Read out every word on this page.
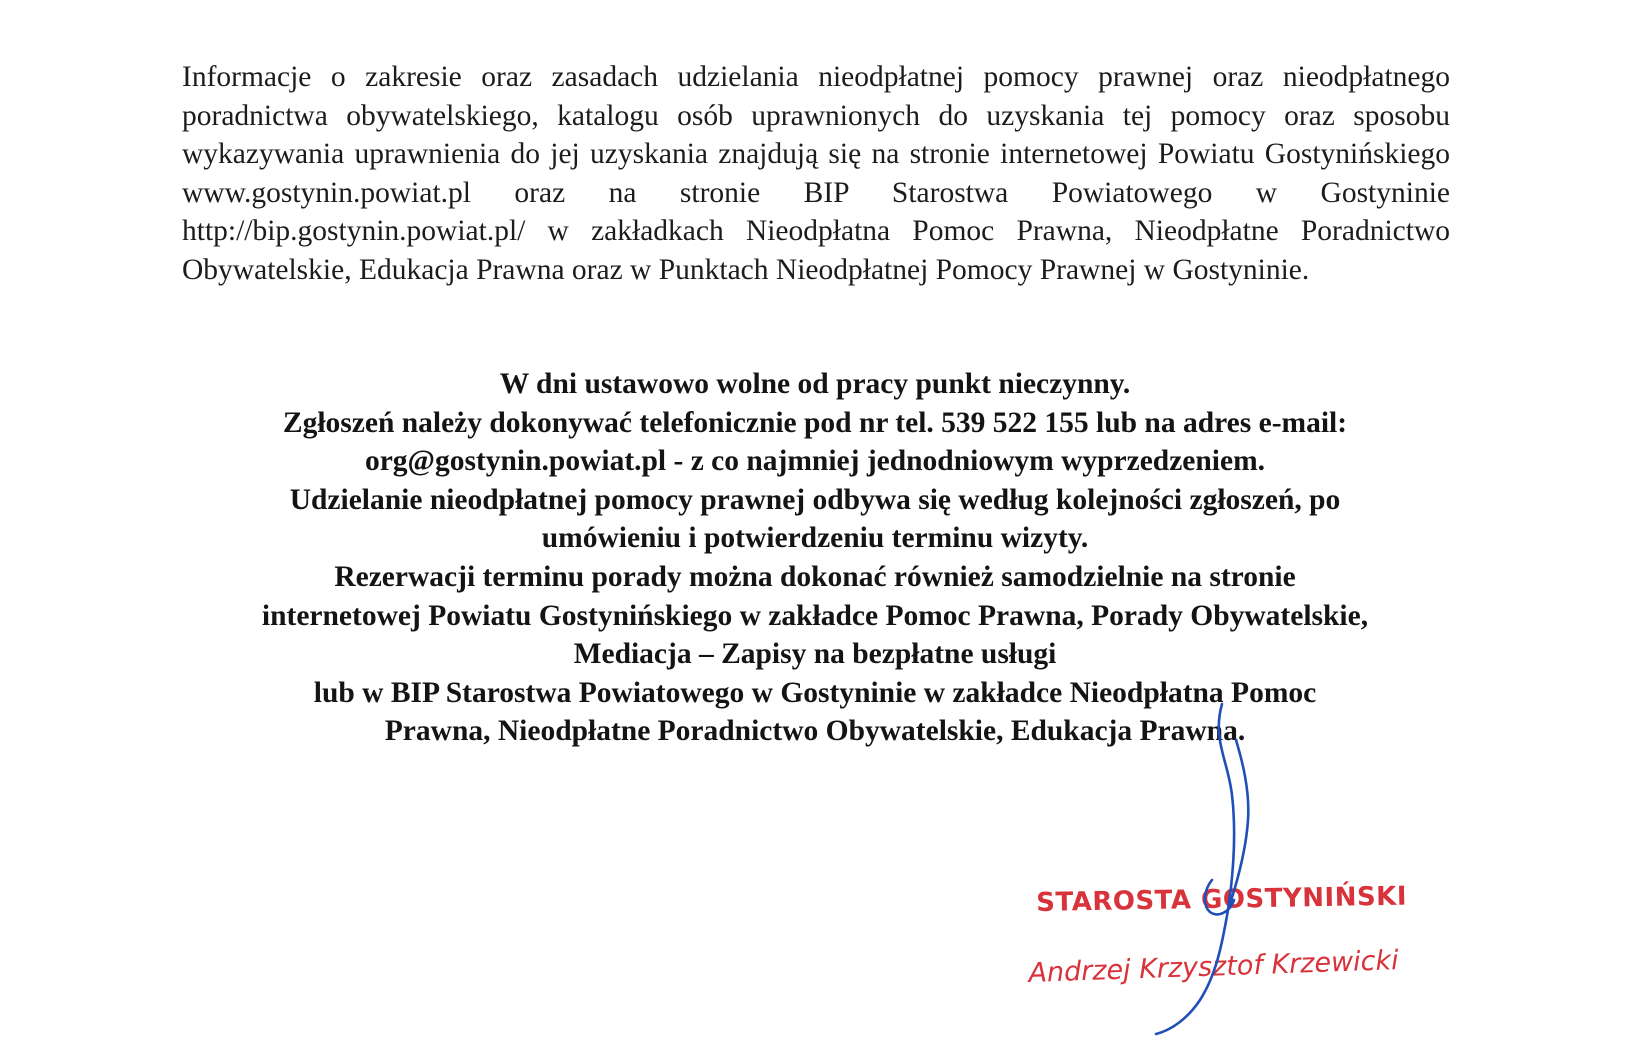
Informacje o zakresie oraz zasadach udzielania nieodpłatnej pomocy prawnej oraz nieodpłatnego poradnictwa obywatelskiego, katalogu osób uprawnionych do uzyskania tej pomocy oraz sposobu wykazywania uprawnienia do jej uzyskania znajdują się na stronie internetowej Powiatu Gostynińskiego www.gostynin.powiat.pl oraz na stronie BIP Starostwa Powiatowego w Gostyninie http://bip.gostynin.powiat.pl/ w zakładkach Nieodpłatna Pomoc Prawna, Nieodpłatne Poradnictwo Obywatelskie, Edukacja Prawna oraz w Punktach Nieodpłatnej Pomocy Prawnej w Gostyninie.

W dni ustawowo wolne od pracy punkt nieczynny.
Zgłoszeń należy dokonywać telefonicznie pod nr tel. 539 522 155 lub na adres e-mail:
org@gostynin.powiat.pl - z co najmniej jednodniowym wyprzedzeniem.
Udzielanie nieodpłatnej pomocy prawnej odbywa się według kolejności zgłoszeń, po
umówieniu i potwierdzeniu terminu wizyty.
Rezerwacji terminu porady można dokonać również samodzielnie na stronie
internetowej Powiatu Gostynińskiego w zakładce Pomoc Prawna, Porady Obywatelskie,
Mediacja – Zapisy na bezpłatne usługi
lub w BIP Starostwa Powiatowego w Gostyninie w zakładce Nieodpłatna Pomoc
Prawna, Nieodpłatne Poradnictwo Obywatelskie, Edukacja Prawna.
STAROSTA GOSTYNIŃSKI
Andrzej Krzysztof Krzewicki
